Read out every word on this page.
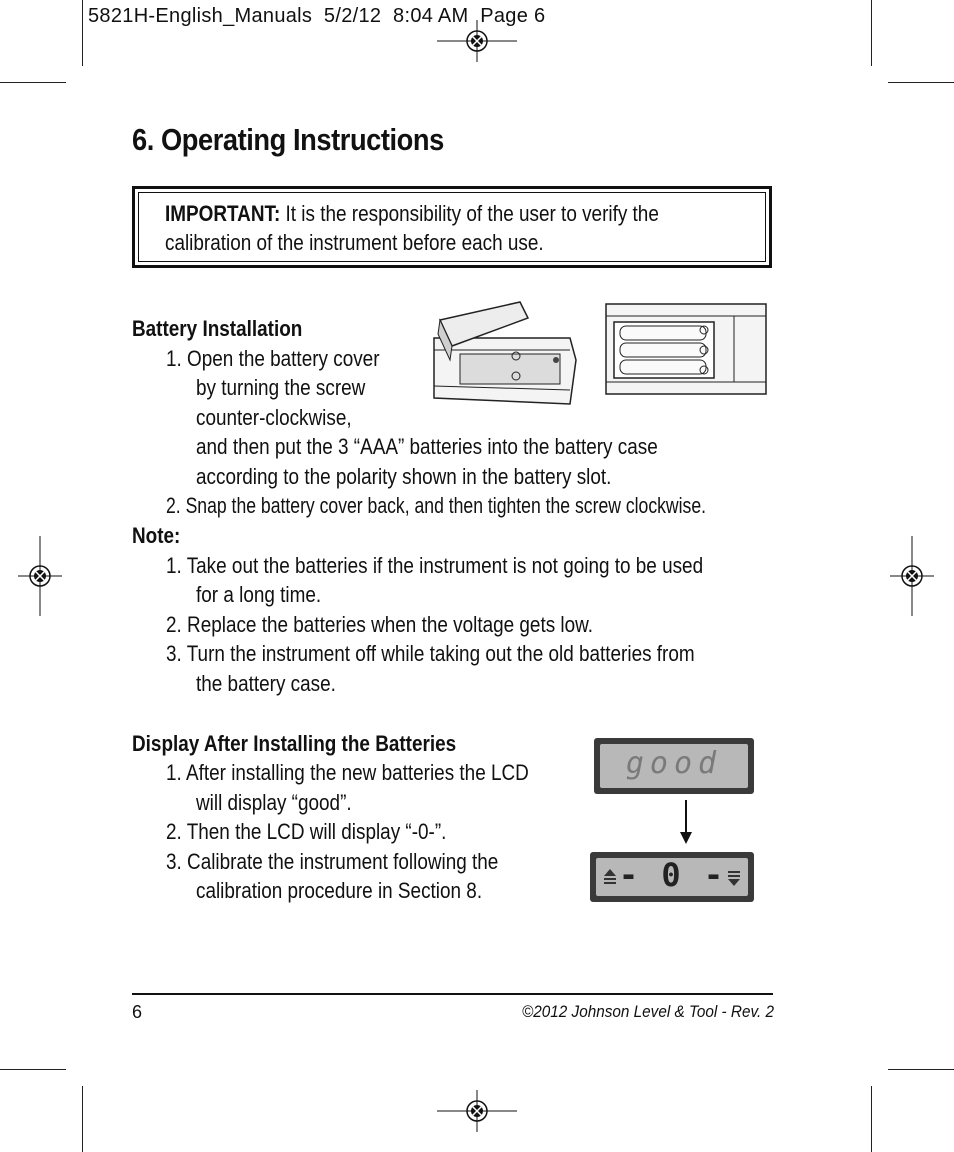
5821H-English_Manuals  5/2/12  8:04 AM  Page 6
6. Operating Instructions
IMPORTANT: It is the responsibility of the user to verify the
calibration of the instrument before each use.
Battery Installation
1. Open the battery cover
by turning the screw
counter-clockwise,
and then put the 3 “AAA” batteries into the battery case
according to the polarity shown in the battery slot.
2. Snap the battery cover back, and then tighten the screw clockwise.
Note:
1. Take out the batteries if the instrument is not going to be used
for a long time.
2. Replace the batteries when the voltage gets low.
3. Turn the instrument off while taking out the old batteries from
the battery case.
Display After Installing the Batteries
1. After installing the new batteries the LCD
will display “good”.
2. Then the LCD will display “-0-”.
3. Calibrate the instrument following the
calibration procedure in Section 8.
good
- 0 -
6	©2012 Johnson Level & Tool - Rev. 2
